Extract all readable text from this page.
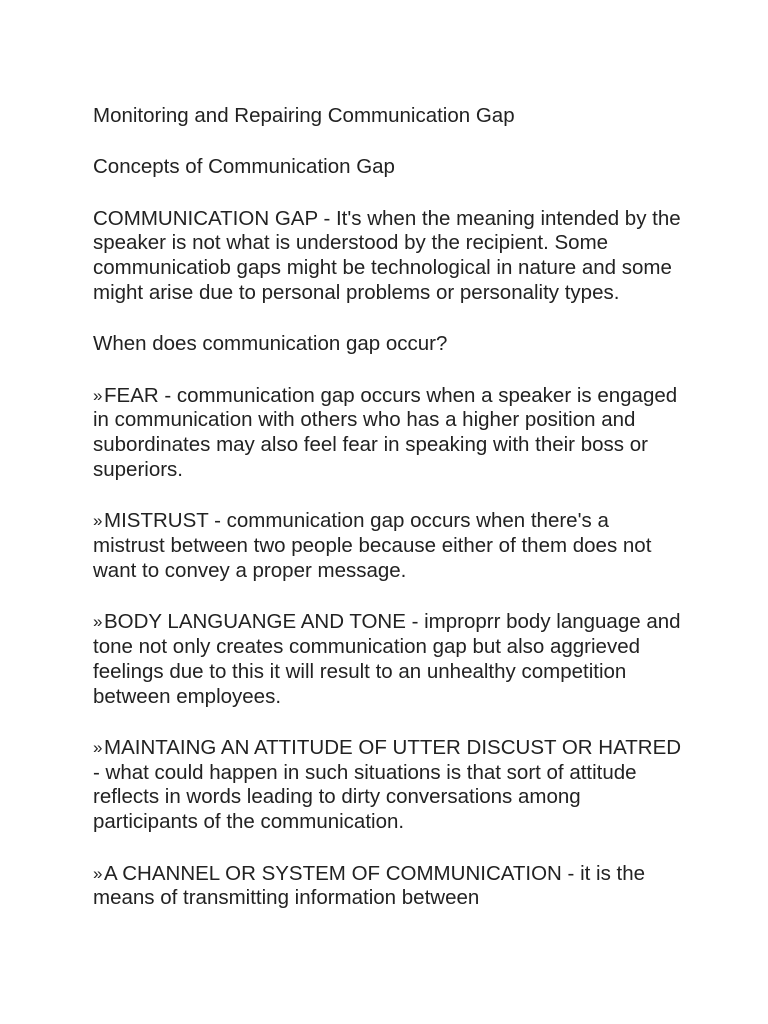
Monitoring and Repairing Communication Gap

Concepts of Communication Gap

COMMUNICATION GAP - It's when the meaning intended by the speaker is not what is understood by the recipient. Some communicatiob gaps might be technological in nature and some might arise due to personal problems or personality types.

When does communication gap occur?

» FEAR - communication gap occurs when a speaker is engaged in communication with others who has a higher position and subordinates may also feel fear in speaking with their boss or superiors.

» MISTRUST - communication gap occurs when there's a mistrust between two people because either of them does not want to convey a proper message.

» BODY LANGUANGE AND TONE - improprr body language and tone not only creates communication gap but also aggrieved feelings due to this it will result to an unhealthy competition between employees.

» MAINTAING AN ATTITUDE OF UTTER DISCUST OR HATRED - what could happen in such situations is that sort of attitude reflects in words leading to dirty conversations among participants of the communication.

» A CHANNEL OR SYSTEM OF COMMUNICATION - it is the means of transmitting information between
